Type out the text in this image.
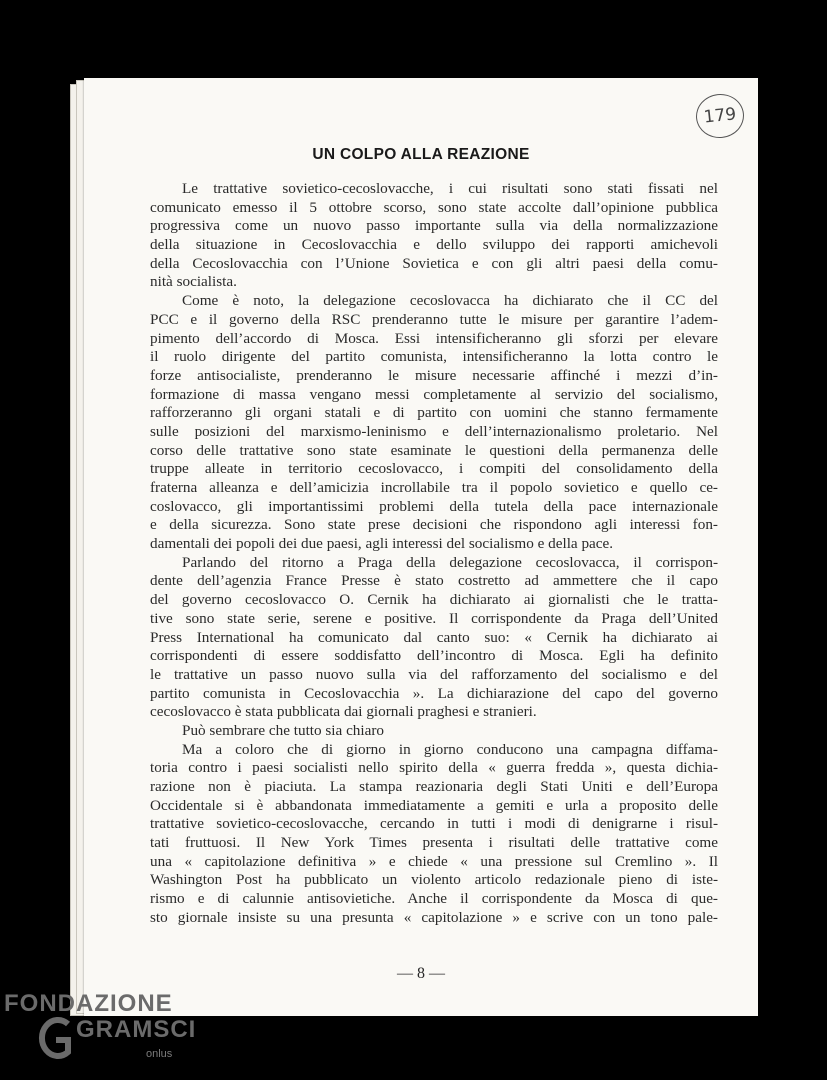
179
UN COLPO ALLA REAZIONE
Le trattative sovietico-cecoslovacche, i cui risultati sono stati fissati nel
comunicato emesso il 5 ottobre scorso, sono state accolte dall’opinione pubblica
progressiva come un nuovo passo importante sulla via della normalizzazione
della situazione in Cecoslovacchia e dello sviluppo dei rapporti amichevoli
della Cecoslovacchia con l’Unione Sovietica e con gli altri paesi della comu-
nità socialista.
Come è noto, la delegazione cecoslovacca ha dichiarato che il CC del
PCC e il governo della RSC prenderanno tutte le misure per garantire l’adem-
pimento dell’accordo di Mosca. Essi intensificheranno gli sforzi per elevare
il ruolo dirigente del partito comunista, intensificheranno la lotta contro le
forze antisocialiste, prenderanno le misure necessarie affinché i mezzi d’in-
formazione di massa vengano messi completamente al servizio del socialismo,
rafforzeranno gli organi statali e di partito con uomini che stanno fermamente
sulle posizioni del marxismo-leninismo e dell’internazionalismo proletario. Nel
corso delle trattative sono state esaminate le questioni della permanenza delle
truppe alleate in territorio cecoslovacco, i compiti del consolidamento della
fraterna alleanza e dell’amicizia incrollabile tra il popolo sovietico e quello ce-
coslovacco, gli importantissimi problemi della tutela della pace internazionale
e della sicurezza. Sono state prese decisioni che rispondono agli interessi fon-
damentali dei popoli dei due paesi, agli interessi del socialismo e della pace.
Parlando del ritorno a Praga della delegazione cecoslovacca, il corrispon-
dente dell’agenzia France Presse è stato costretto ad ammettere che il capo
del governo cecoslovacco O. Cernik ha dichiarato ai giornalisti che le tratta-
tive sono state serie, serene e positive. Il corrispondente da Praga dell’United
Press International ha comunicato dal canto suo: « Cernik ha dichiarato ai
corrispondenti di essere soddisfatto dell’incontro di Mosca. Egli ha definito
le trattative un passo nuovo sulla via del rafforzamento del socialismo e del
partito comunista in Cecoslovacchia ». La dichiarazione del capo del governo
cecoslovacco è stata pubblicata dai giornali praghesi e stranieri.
Può sembrare che tutto sia chiaro
Ma a coloro che di giorno in giorno conducono una campagna diffama-
toria contro i paesi socialisti nello spirito della « guerra fredda », questa dichia-
razione non è piaciuta. La stampa reazionaria degli Stati Uniti e dell’Europa
Occidentale si è abbandonata immediatamente a gemiti e urla a proposito delle
trattative sovietico-cecoslovacche, cercando in tutti i modi di denigrarne i risul-
tati fruttuosi. Il New York Times presenta i risultati delle trattative come
una « capitolazione definitiva » e chiede « una pressione sul Cremlino ». Il
Washington Post ha pubblicato un violento articolo redazionale pieno di iste-
rismo e di calunnie antisovietiche. Anche il corrispondente da Mosca di que-
sto giornale insiste su una presunta « capitolazione » e scrive con un tono pale-
— 8 —
FONDAZIONE
GRAMSCI
onlus
